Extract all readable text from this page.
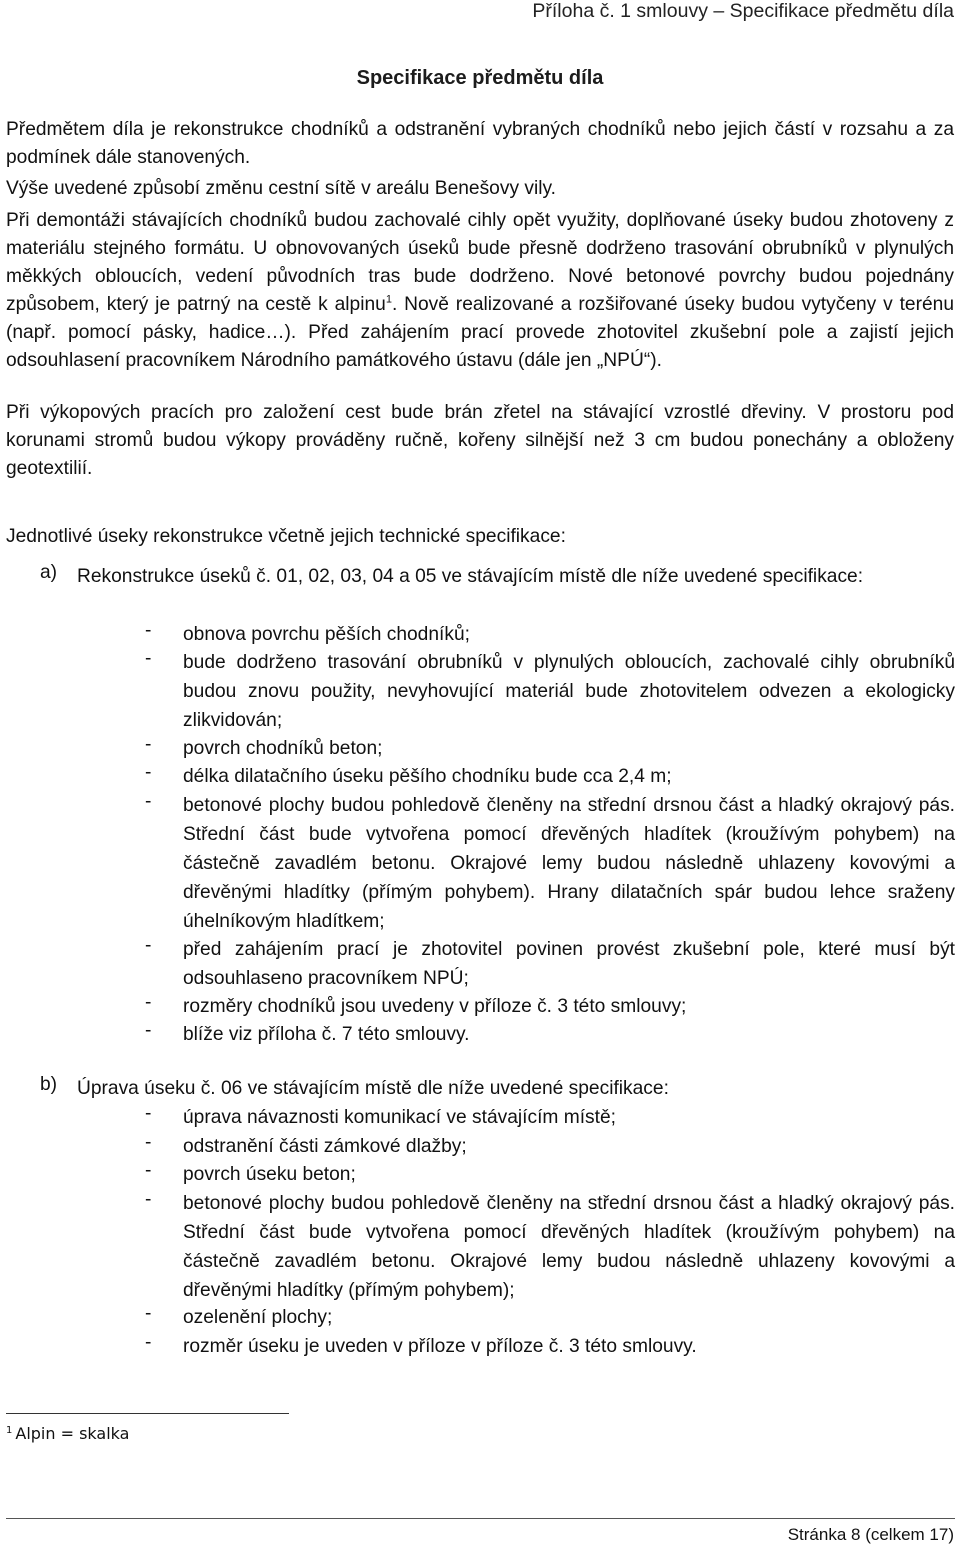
Příloha č. 1 smlouvy – Specifikace předmětu díla
Specifikace předmětu díla
Předmětem díla je rekonstrukce chodníků a odstranění vybraných chodníků nebo jejich částí v rozsahu a za podmínek dále stanovených.
Výše uvedené způsobí změnu cestní sítě v areálu Benešovy vily.
Při demontáži stávajících chodníků budou zachovalé cihly opět využity, doplňované úseky budou zhotoveny z materiálu stejného formátu. U obnovovaných úseků bude přesně dodrženo trasování obrubníků v plynulých měkkých obloucích, vedení původních tras bude dodrženo. Nové betonové povrchy budou pojednány způsobem, který je patrný na cestě k alpinu$^1$. Nově realizované a rozšiřované úseky budou vytyčeny v terénu (např. pomocí pásky, hadice…). Před zahájením prací provede zhotovitel zkušební pole a zajistí jejich odsouhlasení pracovníkem Národního památkového ústavu (dále jen „NPÚ“).
Při výkopových pracích pro založení cest bude brán zřetel na stávající vzrostlé dřeviny. V prostoru pod korunami stromů budou výkopy prováděny ručně, kořeny silnější než 3 cm budou ponechány a obloženy geotextilií.
Jednotlivé úseky rekonstrukce včetně jejich technické specifikace:
a) Rekonstrukce úseků č. 01, 02, 03, 04 a 05 ve stávajícím místě dle níže uvedené specifikace:
- obnova povrchu pěších chodníků;
- bude dodrženo trasování obrubníků v plynulých obloucích, zachovalé cihly obrubníků budou znovu použity, nevyhovující materiál bude zhotovitelem odvezen a ekologicky zlikvidován;
- povrch chodníků beton;
- délka dilatačního úseku pěšího chodníku bude cca 2,4 m;
- betonové plochy budou pohledově členěny na střední drsnou část a hladký okrajový pás. Střední část bude vytvořena pomocí dřevěných hladítek (kroužívým pohybem) na částečně zavadlém betonu. Okrajové lemy budou následně uhlazeny kovovými a dřevěnými hladítky (přímým pohybem). Hrany dilatačních spár budou lehce sraženy úhelníkovým hladítkem;
- před zahájením prací je zhotovitel povinen provést zkušební pole, které musí být odsouhlaseno pracovníkem NPÚ;
- rozměry chodníků jsou uvedeny v příloze č. 3 této smlouvy;
- blíže viz příloha č. 7 této smlouvy.
b) Úprava úseku č. 06 ve stávajícím místě dle níže uvedené specifikace:
- úprava návaznosti komunikací ve stávajícím místě;
- odstranění části zámkové dlažby;
- povrch úseku beton;
- betonové plochy budou pohledově členěny na střední drsnou část a hladký okrajový pás. Střední část bude vytvořena pomocí dřevěných hladítek (kroužívým pohybem) na částečně zavadlém betonu. Okrajové lemy budou následně uhlazeny kovovými a dřevěnými hladítky (přímým pohybem);
- ozelenění plochy;
- rozměr úseku je uveden v příloze v příloze č. 3 této smlouvy.
$^1$ Alpin = skalka
Stránka 8 (celkem 17)
